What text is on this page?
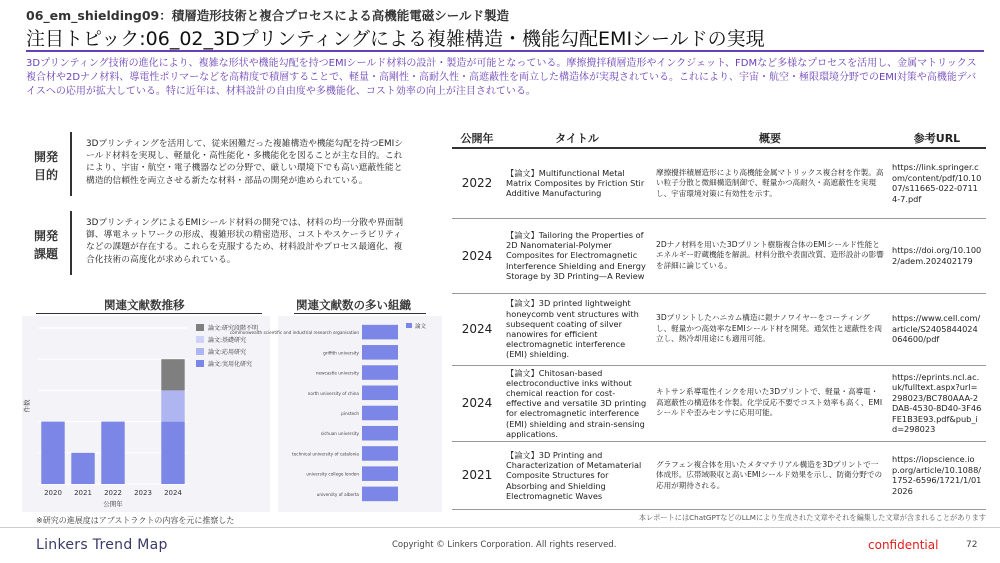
06_em_shielding09：積層造形技術と複合プロセスによる高機能電磁シールド製造
注目トピック:06_02_3Dプリンティングによる複雑構造・機能勾配EMIシールドの実現
3Dプリンティング技術の進化により、複雑な形状や機能勾配を持つEMIシールド材料の設計・製造が可能となっている。摩擦攪拌積層造形やインクジェット、FDMなど多様なプロセスを活用し、金属マトリックス複合材や2Dナノ材料、導電性ポリマーなどを高精度で積層することで、軽量・高剛性・高耐久性・高遮蔽性を両立した構造体が実現されている。これにより、宇宙・航空・極限環境分野でのEMI対策や高機能デバイスへの応用が拡大している。特に近年は、材料設計の自由度や多機能化、コスト効率の向上が注目されている。
開発目的
3Dプリンティングを活用して、従来困難だった複雑構造や機能勾配を持つEMIシールド材料を実現し、軽量化・高性能化・多機能化を図ることが主な目的。これにより、宇宙・航空・電子機器などの分野で、厳しい環境下でも高い遮蔽性能と構造的信頼性を両立させる新たな材料・部品の開発が進められている。
開発課題
3DプリンティングによるEMIシールド材料の開発では、材料の均一分散や界面制御、導電ネットワークの形成、複雑形状の精密造形、コストやスケーラビリティなどの課題が存在する。これらを克服するため、材料設計やプロセス最適化、複合化技術の高度化が求められている。
関連文献数推移
2020 2021 2022 2023 2024
公開年
件数
論文:研究段階不明
論文:基礎研究
論文:応用研究
論文:実用化研究
関連文献数の多い組織
commonwealth scientific and industrial research organisation
griffith university
newcastle university
north university of china
pinstech
sichuan university
technical university of catalonia
university college london
university of alberta
論文
※研究の進展度はアブストラクトの内容を元に推察した
公開年	タイトル	概要	参考URL
2022	【論文】Multifunctional Metal Matrix Composites by Friction Stir Additive Manufacturing	摩擦攪拌積層造形により高機能金属マトリックス複合材を作製。高い粒子分散と微細構造制御で、軽量かつ高耐久・高遮蔽性を実現し、宇宙環境対策に有効性を示す。	https://link.springer.com/content/pdf/10.1007/s11665-022-07114-7.pdf
2024	【論文】Tailoring the Properties of 2D Nanomaterial-Polymer Composites for Electromagnetic Interference Shielding and Energy Storage by 3D Printing—A Review	2Dナノ材料を用いた3Dプリント樹脂複合体のEMIシールド性能とエネルギー貯蔵機能を解説。材料分散や表面改質、造形設計の影響を詳細に論じている。	https://doi.org/10.1002/adem.202402179
2024	【論文】3D printed lightweight honeycomb vent structures with subsequent coating of silver nanowires for efficient electromagnetic interference (EMI) shielding.	3Dプリントしたハニカム構造に銀ナノワイヤーをコーティングし、軽量かつ高効率なEMIシールド材を開発。通気性と遮蔽性を両立し、熱冷却用途にも適用可能。	https://www.cell.com/article/S2405844024064600/pdf
2024	【論文】Chitosan-based electroconductive inks without chemical reaction for cost-effective and versatile 3D printing for electromagnetic interference (EMI) shielding and strain-sensing applications.	キトサン系導電性インクを用いた3Dプリントで、軽量・高導電・高遮蔽性の構造体を作製。化学反応不要でコスト効率も高く、EMIシールドや歪みセンサに応用可能。	https://eprints.ncl.ac.uk/fulltext.aspx?url=298023/BC780AAA-2DAB-4530-8D40-3F46FE1B3E93.pdf&pub_id=298023
2021	【論文】3D Printing and Characterization of Metamaterial Composite Structures for Absorbing and Shielding Electromagnetic Waves	グラフェン複合体を用いたメタマテリアル構造を3Dプリントで一体成形。広帯域吸収と高いEMIシールド効果を示し、防衛分野での応用が期待される。	https://iopscience.iop.org/article/10.1088/1752-6596/1721/1/012026
本レポートにはChatGPTなどのLLMにより生成された文章やそれを編集した文章が含まれることがあります
Linkers Trend Map	Copyright © Linkers Corporation. All rights reserved.	confidential	72
